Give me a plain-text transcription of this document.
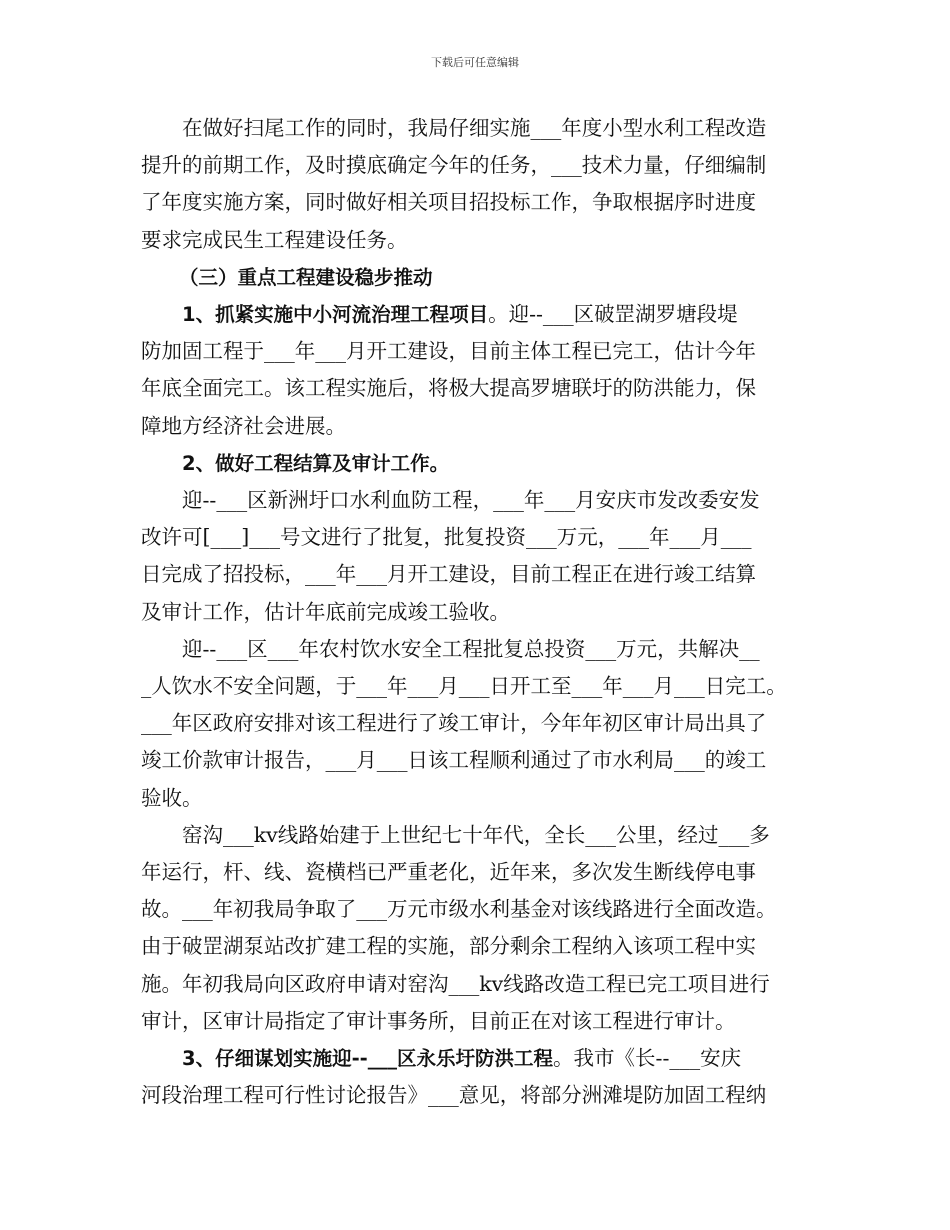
下载后可任意编辑
在做好扫尾工作的同时，我局仔细实施___年度小型水利工程改造
提升的前期工作，及时摸底确定今年的任务，___技术力量，仔细编制
了年度实施方案，同时做好相关项目招投标工作，争取根据序时进度
要求完成民生工程建设任务。
（三）重点工程建设稳步推动
1、抓紧实施中小河流治理工程项目。迎--___区破罡湖罗塘段堤
防加固工程于___年___月开工建设，目前主体工程已完工，估计今年
年底全面完工。该工程实施后，将极大提高罗塘联圩的防洪能力，保
障地方经济社会进展。
2、做好工程结算及审计工作。
迎--___区新洲圩口水利血防工程，___年___月安庆市发改委安发
改许可[___]___号文进行了批复，批复投资___万元，___年___月___
日完成了招投标，___年___月开工建设，目前工程正在进行竣工结算
及审计工作，估计年底前完成竣工验收。
迎--___区___年农村饮水安全工程批复总投资___万元，共解决__
_人饮水不安全问题，于___年___月___日开工至___年___月___日完工。
___年区政府安排对该工程进行了竣工审计，今年年初区审计局出具了
竣工价款审计报告，___月___日该工程顺利通过了市水利局___的竣工
验收。
窑沟___kv线路始建于上世纪七十年代，全长___公里，经过___多
年运行，杆、线、瓷横档已严重老化，近年来，多次发生断线停电事
故。___年初我局争取了___万元市级水利基金对该线路进行全面改造。
由于破罡湖泵站改扩建工程的实施，部分剩余工程纳入该项工程中实
施。年初我局向区政府申请对窑沟___kv线路改造工程已完工项目进行
审计，区审计局指定了审计事务所，目前正在对该工程进行审计。
3、仔细谋划实施迎--___区永乐圩防洪工程。我市《长--___安庆
河段治理工程可行性讨论报告》___意见，将部分洲滩堤防加固工程纳
